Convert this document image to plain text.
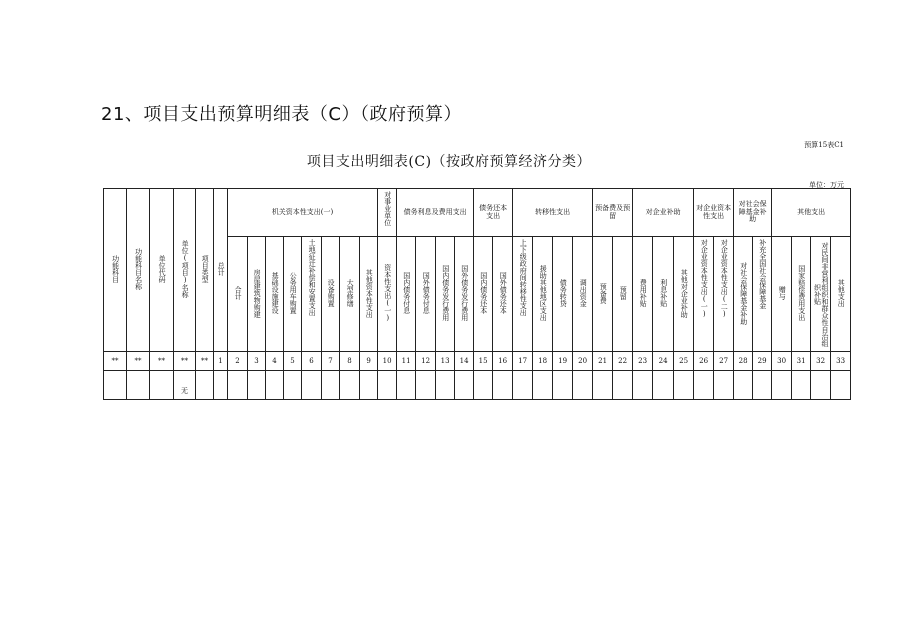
21、项目支出预算明细表（C）（政府预算）
预算15表C1
项目支出明细表(C)（按政府预算经济分类）
单位：万元
功能科目	功能科目名称	单位代码	单位(项目)名称	项目类型	总计	机关资本性支出(一)								对事业单位	债务利息及费用支出				债务还本支出		转移性支出				预备费及预留		对企业补助			对企业资本性支出		对社会保障基金补助		其他支出			
						合计	房屋建筑物购建	基础设施建设	公务用车购置	土地征迁补偿和安置支出	设备购置	大型修缮	其他资本性支出	资本性支出(一)	国内债务付息	国外债务付息	国内债务发行费用	国外债务发行费用	国内债务还本	国外债务还本	上下级政府间转移性支出	援助其他地区支出	债务转贷	调出资金	预备费	预留	费用补贴	利息补贴	其他对企业补助	对企业资本性支出(一)	对企业资本性支出(二)	对社会保障基金补助	补充全国社会保障基金	赠与	国家赔偿费用支出	对民间非营利组织和群众性自治组织补贴	其他支出
**	**	**	**	**	1	2	3	4	5	6	7	8	9	10	11	12	13	14	15	16	17	18	19	20	21	22	23	24	25	26	27	28	29	30	31	32	33
			无																																		
